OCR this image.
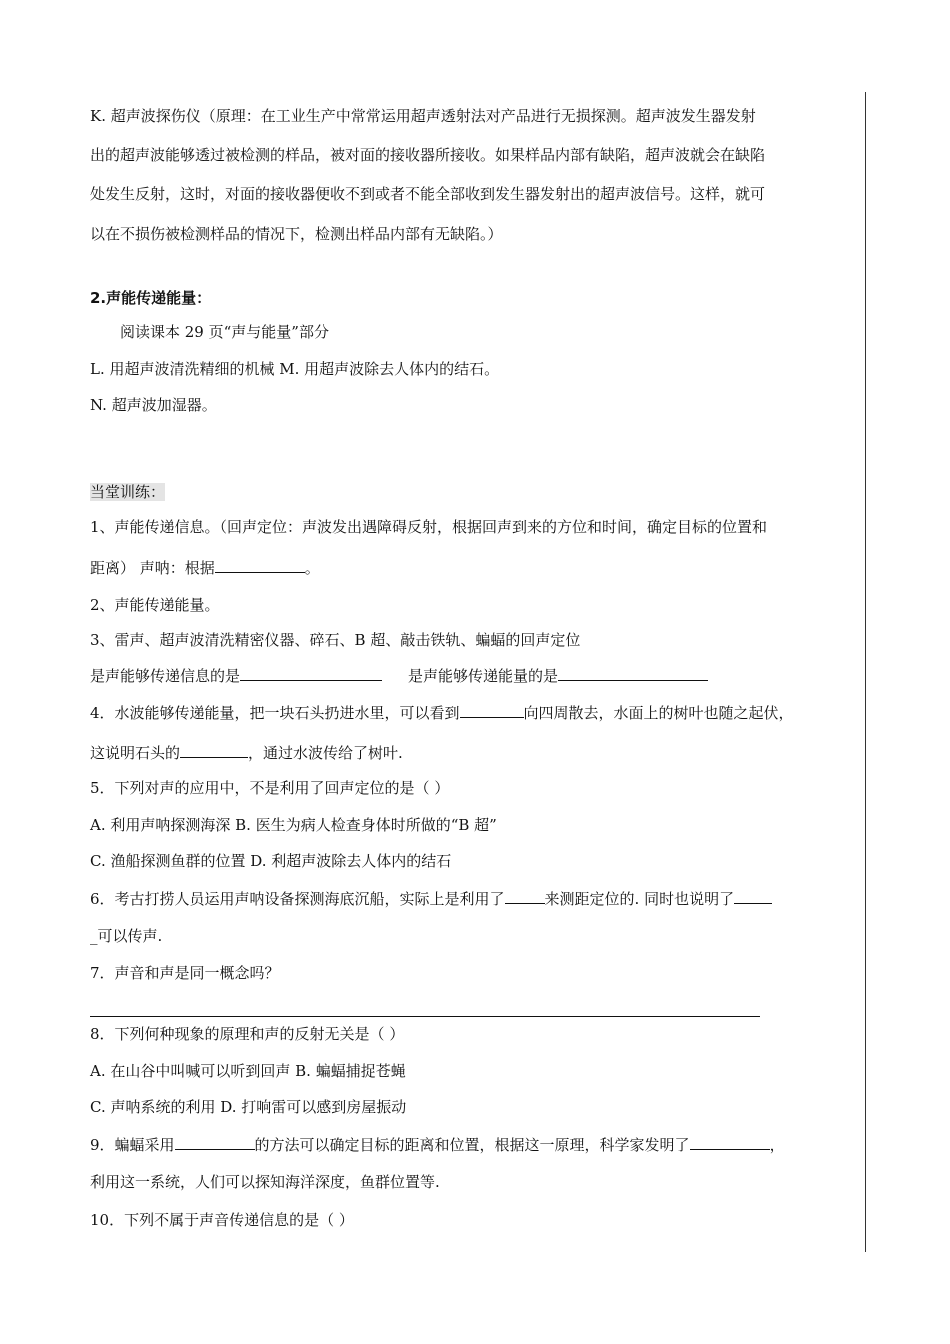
K. 超声波探伤仪（原理：在工业生产中常常运用超声透射法对产品进行无损探测。超声波发生器发射
出的超声波能够透过被检测的样品，被对面的接收器所接收。如果样品内部有缺陷，超声波就会在缺陷
处发生反射，这时，对面的接收器便收不到或者不能全部收到发生器发射出的超声波信号。这样，就可
以在不损伤被检测样品的情况下，检测出样品内部有无缺陷。）
2.声能传递能量：
阅读课本 29 页“声与能量”部分
L. 用超声波清洗精细的机械 M. 用超声波除去人体内的结石。
N. 超声波加湿器。
当堂训练：
1、声能传递信息。（回声定位：声波发出遇障碍反射，根据回声到来的方位和时间，确定目标的位置和
距离） 声呐：根据	。
2、声能传递能量。
3、雷声、超声波清洗精密仪器、碎石、B 超、敲击铁轨、蝙蝠的回声定位
是声能够传递信息的是	是声能够传递能量的是
4．水波能够传递能量，把一块石头扔进水里，可以看到	向四周散去，水面上的树叶也随之起伏，
这说明石头的	，通过水波传给了树叶.
5．下列对声的应用中，不是利用了回声定位的是（ ）
A. 利用声呐探测海深 B. 医生为病人检查身体时所做的“B 超”
C. 渔船探测鱼群的位置 D. 利超声波除去人体内的结石
6．考古打捞人员运用声呐设备探测海底沉船，实际上是利用了	来测距定位的. 同时也说明了
_可以传声.
7．声音和声是同一概念吗？
8．下列何种现象的原理和声的反射无关是（ ）
A. 在山谷中叫喊可以听到回声 B. 蝙蝠捕捉苍蝇
C. 声呐系统的利用 D. 打响雷可以感到房屋振动
9．蝙蝠采用	的方法可以确定目标的距离和位置，根据这一原理，科学家发明了	，
利用这一系统，人们可以探知海洋深度，鱼群位置等.
10．下列不属于声音传递信息的是（ ）
